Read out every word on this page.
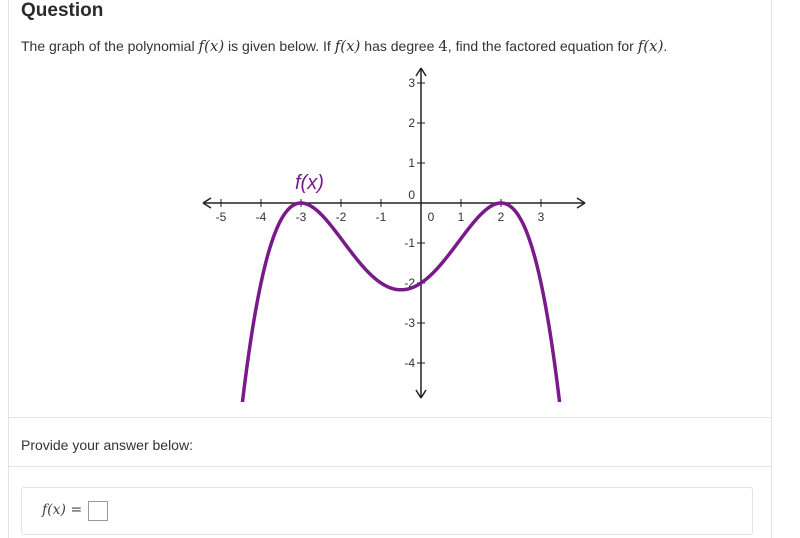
Question
The graph of the polynomial f(x) is given below. If f(x) has degree 4, find the factored equation for f(x).
-5 -4 -3 -2 -1	0 1	2	3
3
2
1
0
-1
-2
-3
-4
f(x)
Provide your answer below:
f(x) =
